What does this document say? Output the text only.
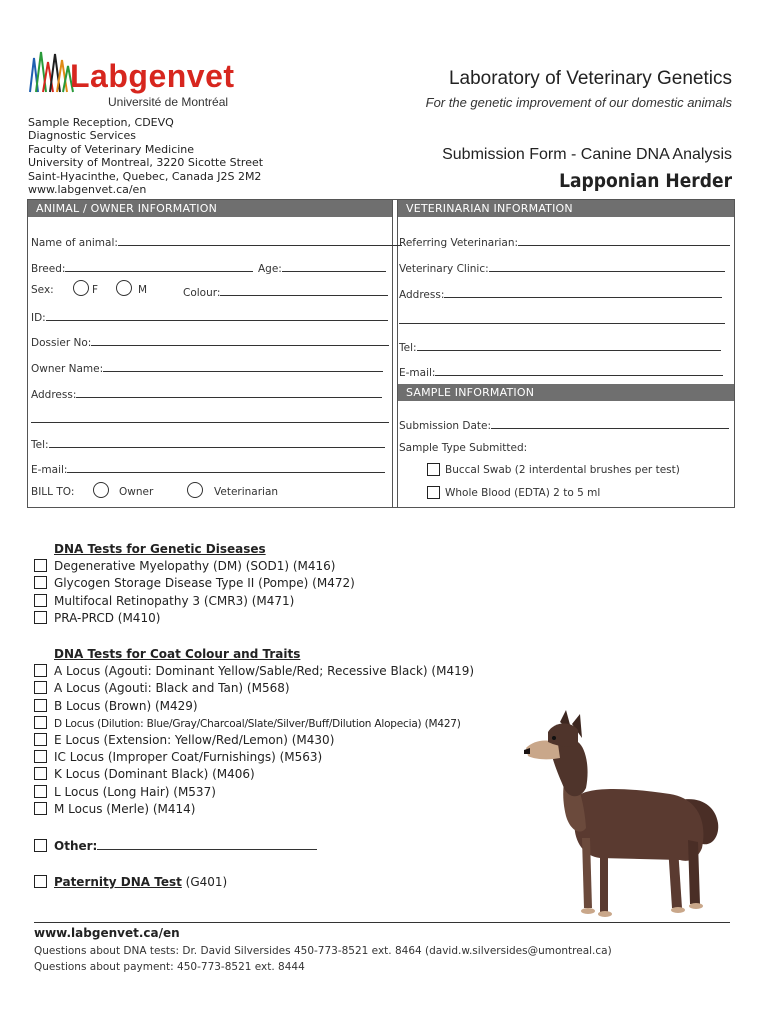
Labgenvet
Université de Montréal
Laboratory of Veterinary Genetics
For the genetic improvement of our domestic animals
Sample Reception, CDEVQ
Diagnostic Services
Faculty of Veterinary Medicine
University of Montreal, 3220 Sicotte Street
Saint-Hyacinthe, Quebec, Canada J2S 2M2
www.labgenvet.ca/en
Submission Form - Canine DNA Analysis
Lapponian Herder
ANIMAL / OWNER INFORMATION
Name of animal:
Breed:	Age:
Sex:	F	M	Colour:
ID:
Dossier No:
Owner Name:
Address:
Tel:
E-mail:
BILL TO:	Owner	Veterinarian
VETERINARIAN INFORMATION
Referring Veterinarian:
Veterinary Clinic:
Address:
Tel:
E-mail:
SAMPLE INFORMATION
Submission Date:
Sample Type Submitted:
Buccal Swab (2 interdental brushes per test)
Whole Blood (EDTA) 2 to 5 ml
DNA Tests for Genetic Diseases
Degenerative Myelopathy (DM) (SOD1) (M416)
Glycogen Storage Disease Type II (Pompe) (M472)
Multifocal Retinopathy 3 (CMR3) (M471)
PRA-PRCD (M410)
DNA Tests for Coat Colour and Traits
A Locus (Agouti: Dominant Yellow/Sable/Red; Recessive Black) (M419)
A Locus (Agouti: Black and Tan) (M568)
B Locus (Brown) (M429)
D Locus (Dilution: Blue/Gray/Charcoal/Slate/Silver/Buff/Dilution Alopecia) (M427)
E Locus (Extension: Yellow/Red/Lemon) (M430)
IC Locus (Improper Coat/Furnishings) (M563)
K Locus (Dominant Black) (M406)
L Locus (Long Hair) (M537)
M Locus (Merle) (M414)
Other:
Paternity DNA Test (G401)
www.labgenvet.ca/en
Questions about DNA tests: Dr. David Silversides 450-773-8521 ext. 8464 (david.w.silversides@umontreal.ca)
Questions about payment: 450-773-8521 ext. 8444
